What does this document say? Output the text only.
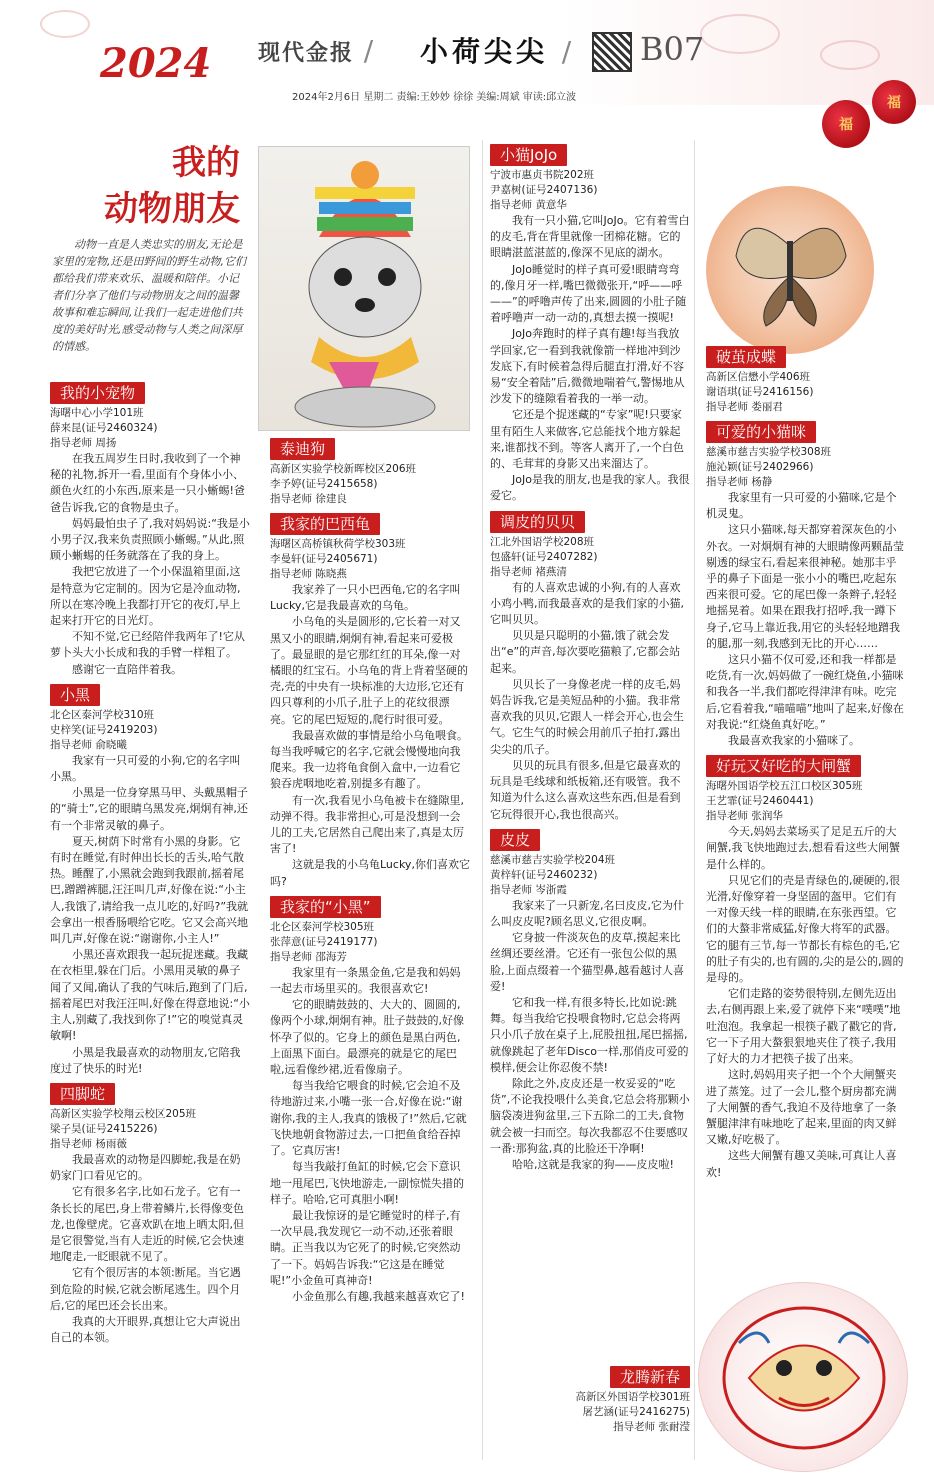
2024 现代金报 / 小荷尖尖 / B07
2024年2月6日 星期二 责编:王妙妙 徐徐 美编:周斌 审读:邱立波
福
福
我的
动物朋友
动物一直是人类忠实的朋友,无论是家里的宠物,还是田野间的野生动物,它们都给我们带来欢乐、温暖和陪伴。小记者们分享了他们与动物朋友之间的温馨故事和难忘瞬间,让我们一起走进他们共度的美好时光,感受动物与人类之间深厚的情感。
我的小宠物
海曙中心小学101班
薛来昆(证号2460324)
指导老师 周扬

在我五周岁生日时,我收到了一个神秘的礼物,拆开一看,里面有个身体小小、颜色火红的小东西,原来是一只小蜥蜴!爸爸告诉我,它的食物是虫子。

妈妈最怕虫子了,我对妈妈说:“我是小小男子汉,我来负责照顾小蜥蜴。”从此,照顾小蜥蜴的任务就落在了我的身上。

我把它放进了一个小保温箱里面,这是特意为它定制的。因为它是冷血动物,所以在寒冷晚上我都打开它的夜灯,早上起来打开它的日光灯。

不知不觉,它已经陪伴我两年了!它从萝卜头大小长成和我的手臂一样粗了。

感谢它一直陪伴着我。

小黑
北仑区泰河学校310班
史梓笑(证号2419203)
指导老师 俞晓曦

我家有一只可爱的小狗,它的名字叫小黑。

小黑是一位身穿黑马甲、头戴黑帽子的“骑士”,它的眼睛乌黑发亮,炯炯有神,还有一个非常灵敏的鼻子。

夏天,树荫下时常有小黑的身影。它有时在睡觉,有时伸出长长的舌头,哈气散热。睡醒了,小黑就会跑到我跟前,摇着尾巴,蹭蹭裤腿,汪汪叫几声,好像在说:“小主人,我饿了,请给我一点儿吃的,好吗?”我就会拿出一根香肠喂给它吃。它又会高兴地叫几声,好像在说:“谢谢你,小主人!”

小黑还喜欢跟我一起玩捉迷藏。我藏在衣柜里,躲在门后。小黑用灵敏的鼻子闻了又闻,确认了我的气味后,跑到了门后,摇着尾巴对我汪汪叫,好像在得意地说:“小主人,别藏了,我找到你了!”它的嗅觉真灵敏啊!

小黑是我最喜欢的动物朋友,它陪我度过了快乐的时光!

四脚蛇
高新区实验学校翔云校区205班
梁子昊(证号2415226)
指导老师 杨雨薇

我最喜欢的动物是四脚蛇,我是在奶奶家门口看见它的。

它有很多名字,比如石龙子。它有一条长长的尾巴,身上带着鳞片,长得像变色龙,也像壁虎。它喜欢趴在地上晒太阳,但是它很警觉,当有人走近的时候,它会快速地爬走,一眨眼就不见了。

它有个很厉害的本领:断尾。当它遇到危险的时候,它就会断尾逃生。四个月后,它的尾巴还会长出来。

我真的大开眼界,真想让它大声说出自己的本领。

泰迪狗
高新区实验学校新晖校区206班
李予婷(证号2415658)
指导老师 徐建良
我家的巴西龟
海曙区高桥镇秋荷学校303班
李曼轩(证号2405671)
指导老师 陈晓燕

我家养了一只小巴西龟,它的名字叫Lucky,它是我最喜欢的乌龟。

小乌龟的头是圆形的,它长着一对又黑又小的眼睛,炯炯有神,看起来可爱极了。最显眼的是它那红红的耳朵,像一对橘眼的红宝石。小乌龟的背上背着坚硬的壳,壳的中央有一块标准的大边形,它还有四只尊利的小爪子,肚子上的花纹很漂亮。它的尾巴短短的,爬行时很可爱。

我最喜欢做的事情是给小乌龟喂食。每当我呼喊它的名字,它就会慢慢地向我爬来。我一边将龟食倒入盒中,一边看它狼吞虎咽地吃着,别提多有趣了。

有一次,我看见小乌龟被卡在缝隙里,动弹不得。我非常担心,可是没想到一会儿的工夫,它居然自己爬出来了,真是太厉害了!

这就是我的小乌龟Lucky,你们喜欢它吗?

我家的“小黑”
北仑区泰河学校305班
张萍意(证号2419177)
指导老师 邵海芳

我家里有一条黑金鱼,它是我和妈妈一起去市场里买的。我很喜欢它!

它的眼睛鼓鼓的、大大的、圆圆的,像两个小球,炯炯有神。肚子鼓鼓的,好像怀孕了似的。它身上的颜色是黑白两色,上面黑下面白。最漂亮的就是它的尾巴啦,远看像纱裙,近看像扇子。

每当我给它喂食的时候,它会迫不及待地游过来,小嘴一张一合,好像在说:“谢谢你,我的主人,我真的饿极了!”然后,它就飞快地朝食物游过去,一口把鱼食给吞掉了。它真厉害!

每当我敲打鱼缸的时候,它会下意识地一甩尾巴,飞快地游走,一副惊慌失措的样子。哈哈,它可真胆小啊!

最让我惊讶的是它睡觉时的样子,有一次早晨,我发现它一动不动,还张着眼睛。正当我以为它死了的时候,它突然动了一下。妈妈告诉我:“它这是在睡觉呢!”小金鱼可真神奇!

小金鱼那么有趣,我越来越喜欢它了!

小猫JoJo
宁波市惠贞书院202班
尹嘉树(证号2407136)
指导老师 黄意华

我有一只小猫,它叫JoJo。它有着雪白的皮毛,背在背里就像一团棉花糖。它的眼睛湛蓝湛蓝的,像深不见底的湖水。

JoJo睡觉时的样子真可爱!眼睛弯弯的,像月牙一样,嘴巴微微张开,“呼——呼——”的呼噜声传了出来,圆圆的小肚子随着呼噜声一动一动的,真想去摸一摸呢!

JoJo奔跑时的样子真有趣!每当我放学回家,它一看到我就像箭一样地冲到沙发底下,有时候着急得后腿直打滑,好不容易“安全着陆”后,微微地喘着气,警惕地从沙发下的缝隙看着我的一举一动。

它还是个捉迷藏的“专家”呢!只要家里有陌生人来做客,它总能找个地方躲起来,谁都找不到。等客人离开了,一个白色的、毛茸茸的身影又出来溜达了。

JoJo是我的朋友,也是我的家人。我很爱它。

调皮的贝贝
江北外国语学校208班
包盛轩(证号2407282)
指导老师 褚燕清

有的人喜欢忠诚的小狗,有的人喜欢小鸡小鸭,而我最喜欢的是我们家的小猫,它叫贝贝。

贝贝是只聪明的小猫,饿了就会发出“e”的声音,每次要吃猫粮了,它都会站起来。

贝贝长了一身像老虎一样的皮毛,妈妈告诉我,它是美短品种的小猫。我非常喜欢我的贝贝,它跟人一样会开心,也会生气。它生气的时候会用前爪子拍打,露出尖尖的爪子。

贝贝的玩具有很多,但是它最喜欢的玩具是毛线球和纸板箱,还有吸管。我不知道为什么这么喜欢这些东西,但是看到它玩得很开心,我也很高兴。

皮皮
慈溪市慈吉实验学校204班
黄梓轩(证号2460232)
指导老师 岑浙霞

我家来了一只新宠,名曰皮皮,它为什么叫皮皮呢?顾名思义,它很皮啊。

它身披一件淡灰色的皮草,摸起来比丝绸还要丝滑。它还有一张包公似的黑脸,上面点缀着一个猫型鼻,越看越讨人喜爱!

它和我一样,有很多特长,比如说:跳舞。每当我给它投喂食物时,它总会将两只小爪子放在桌子上,屁股扭扭,尾巴摇摇,就像跳起了老年Disco一样,那俏皮可爱的模样,便会让你忍俊不禁!

除此之外,皮皮还是一枚妥妥的“吃货”,不论我投喂什么美食,它总会将那颗小脑袋凑进狗盆里,三下五除二的工夫,食物就会被一扫而空。每次我都忍不住要感叹一番:那狗盆,真的比脸还干净啊!

哈哈,这就是我家的狗——皮皮啦!

龙腾新春
高新区外国语学校301班
屠艺涵(证号2416275)
指导老师 张耐滢
破茧成蝶
高新区信懋小学406班
谢语琪(证号2416156)
指导老师 娄丽君
可爱的小猫咪
慈溪市慈吉实验学校308班
施沁颖(证号2402966)
指导老师 杨静

我家里有一只可爱的小猫咪,它是个机灵鬼。

这只小猫咪,每天都穿着深灰色的小外衣。一对炯炯有神的大眼睛像两颗晶莹剔透的绿宝石,看起来很神秘。她那丰乎乎的鼻子下面是一张小小的嘴巴,吃起东西来很可爱。它的尾巴像一条辫子,轻轻地摇晃着。如果在跟我打招呼,我一蹲下身子,它马上靠近我,用它的头轻轻地蹭我的腿,那一刻,我感到无比的开心……

这只小猫不仅可爱,还和我一样都是吃货,有一次,妈妈做了一碗红烧鱼,小猫咪和我各一半,我们都吃得津津有味。吃完后,它看着我,“喵喵喵”地叫了起来,好像在对我说:“红烧鱼真好吃。”

我最喜欢我家的小猫咪了。

好玩又好吃的大闸蟹
海曙外国语学校五江口校区305班
王艺霏(证号2460441)
指导老师 张润华

今天,妈妈去菜场买了足足五斤的大闸蟹,我飞快地跑过去,想看看这些大闸蟹是什么样的。

只见它们的壳是青绿色的,硬硬的,很光滑,好像穿着一身坚固的盔甲。它们有一对像天线一样的眼睛,在东张西望。它们的大螯非常威猛,好像大将军的武器。它的腿有三节,每一节都长有棕色的毛,它的肚子有尖的,也有圆的,尖的是公的,圆的是母的。

它们走路的姿势很特别,左侧先迈出去,右侧再跟上来,爱了就停下来“噗噗”地吐泡泡。我拿起一根筷子戳了戳它的背,它一下子用大螯狠狠地夹住了筷子,我用了好大的力才把筷子拔了出来。

这时,妈妈用夹子把一个个大闸蟹夹进了蒸笼。过了一会儿,整个厨房都充满了大闸蟹的香气,我迫不及待地拿了一条蟹腿津津有味地吃了起来,里面的肉又鲜又嫩,好吃极了。

这些大闸蟹有趣又美味,可真让人喜欢!
